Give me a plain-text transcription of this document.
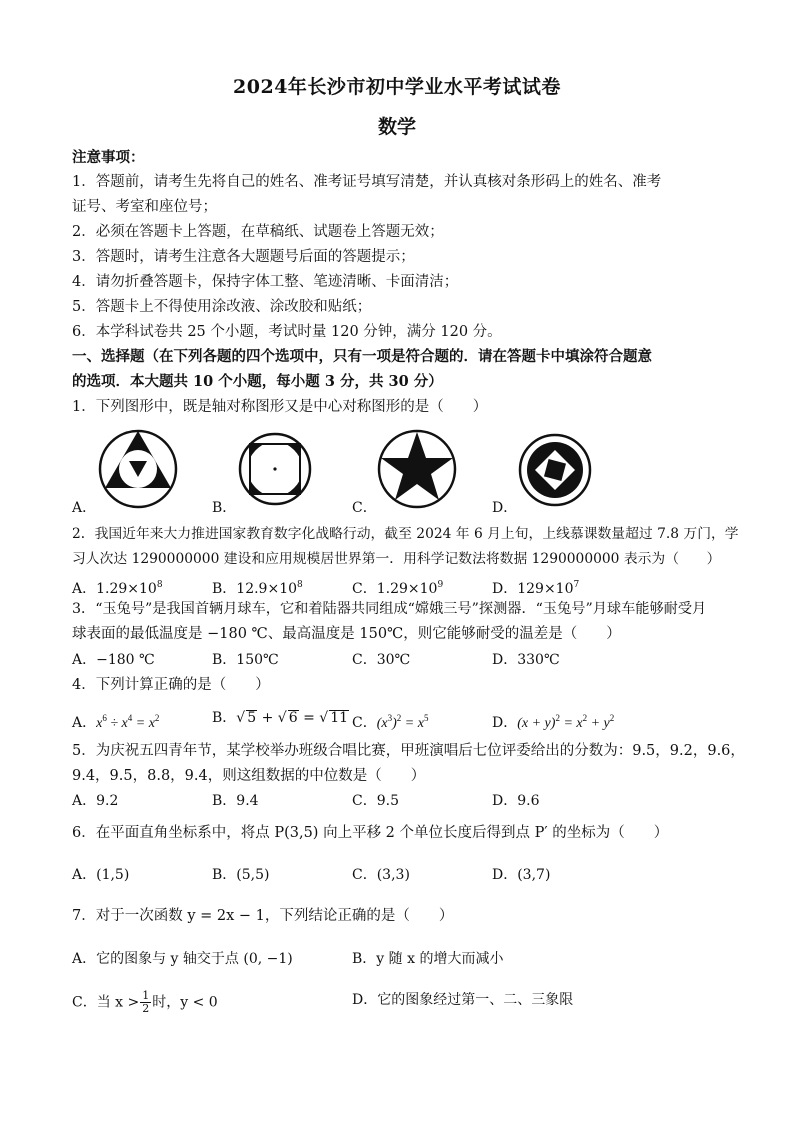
2024年长沙市初中学业水平考试试卷
数学
注意事项：
1．答题前，请考生先将自己的姓名、准考证号填写清楚，并认真核对条形码上的姓名、准考
证号、考室和座位号；
2．必须在答题卡上答题，在草稿纸、试题卷上答题无效；
3．答题时，请考生注意各大题题号后面的答题提示；
4．请勿折叠答题卡，保持字体工整、笔迹清晰、卡面清洁；
5．答题卡上不得使用涂改液、涂改胶和贴纸；
6．本学科试卷共 25 个小题，考试时量 120 分钟，满分 120 分。
一、选择题（在下列各题的四个选项中，只有一项是符合题的．请在答题卡中填涂符合题意
的选项．本大题共 10 个小题，每小题 3 分，共 30 分）
1．下列图形中，既是轴对称图形又是中心对称图形的是（　　）
A．	B．	C．	D．
2．我国近年来大力推进国家教育数字化战略行动，截至 2024 年 6 月上旬，上线慕课数量超过 7.8 万门，学
习人次达 1290000000 建设和应用规模居世界第一．用科学记数法将数据 1290000000 表示为（　　）
A．$1.29\times 10^8$	B．$12.9\times 10^8$	C．$1.29\times 10^9$	D．$129\times 10^7$
3．“玉兔号”是我国首辆月球车，它和着陆器共同组成“嫦娥三号”探测器．“玉兔号”月球车能够耐受月
球表面的最低温度是 −180 ℃、最高温度是 150℃，则它能够耐受的温差是（　　）
A．−180 ℃	B．150℃	C．30℃	D．330℃
4．下列计算正确的是（　　）
A．$x^6 \div x^4 = x^2$	B．√ 5 + √ 6 = √ 11 C．$(x^3)^2 = x^5$	D．$(x + y)^2 = x^2 + y^2$
5．为庆祝五四青年节，某学校举办班级合唱比赛，甲班演唱后七位评委给出的分数为：9.5，9.2，9.6，
9.4，9.5，8.8，9.4，则这组数据的中位数是（　　）
A．9.2	B．9.4	C．9.5	D．9.6
6．在平面直角坐标系中，将点 P(3,5) 向上平移 2 个单位长度后得到点 P′ 的坐标为（　　）
A．(1,5)	B．(5,5)	C．(3,3)	D．(3,7)
7．对于一次函数 y = 2x − 1，下列结论正确的是（　　）
A．它的图象与 y 轴交于点 (0, −1)	B．y 随 x 的增大而减小
C．当 $x > \frac{1}{2}$ 时，y < 0	D．它的图象经过第一、二、三象限
